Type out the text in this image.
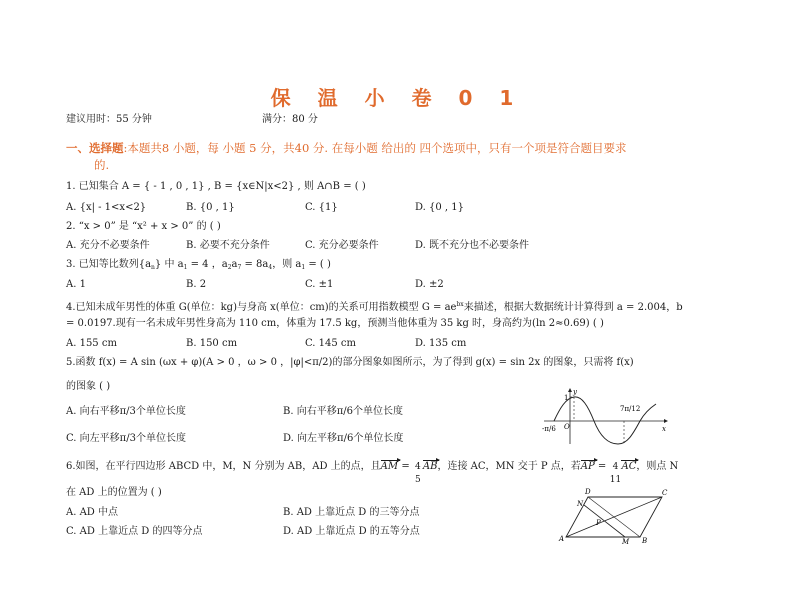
保 温 小 卷 0 1
建议用时：55 分钟	满分：80 分
一、选择题:本题共8 小题，每 小题 5 分，共40 分. 在每小题 给出的 四个选项中，只有一个项是符合题目要求
的.
1. 已知集合 A = { - 1 , 0 , 1} , B = {x∈N|x<2} , 则 A∩B = ( )
A. {x| - 1<x<2}	B. {0 , 1}	C. {1}	D. {0 , 1}
2. “x > 0” 是 “x² + x > 0” 的 ( )
A. 充分不必要条件	B. 必要不充分条件	C. 充分必要条件	D. 既不充分也不必要条件
3. 已知等比数列$\{a_n\}$ 中 $a_1 = 4$ ，$a_2a_7 = 8a_4$，则 $a_1$ = ( )
A. 1	B. 2	C. ±1	D. ±2
4.已知未成年男性的体重 G(单位：kg)与身高 x(单位：cm)的关系可用指数模型 $G = ae^{bx}$来描述，根据大数据统计计算得到 a = 2.004，b
= 0.0197.现有一名未成年男性身高为 110 cm，体重为 17.5 kg，预测当他体重为 35 kg 时，身高约为(ln 2≈0.69) ( )
A. 155 cm	B. 150 cm	C. 145 cm	D. 135 cm
5.函数 f(x) = A sin (ωx + φ)(A > 0 ，ω > 0 ，|φ|<π/2)的部分图象如图所示，为了得到 g(x) = sin 2x 的图象，只需将 f(x)
的图象 ( )
A. 向右平移π/3个单位长度	B. 向右平移π/6个单位长度
C. 向左平移π/3个单位长度	D. 向左平移π/6个单位长度
y
x
O
1
-π/6
7π/12
6.如图，在平行四边形 ABCD 中，M，N 分别为 AB，AD 上的点，且AM = 4
5
AB，连接 AC，MN 交于 P 点，若AP = 4
11
AC，则点 N
在 AD 上的位置为 ( )
A. AD 中点	B. AD 上靠近点 D 的三等分点
C. AD 上靠近点 D 的四等分点	D. AD 上靠近点 D 的五等分点
A	B
C
D
M
N
P
